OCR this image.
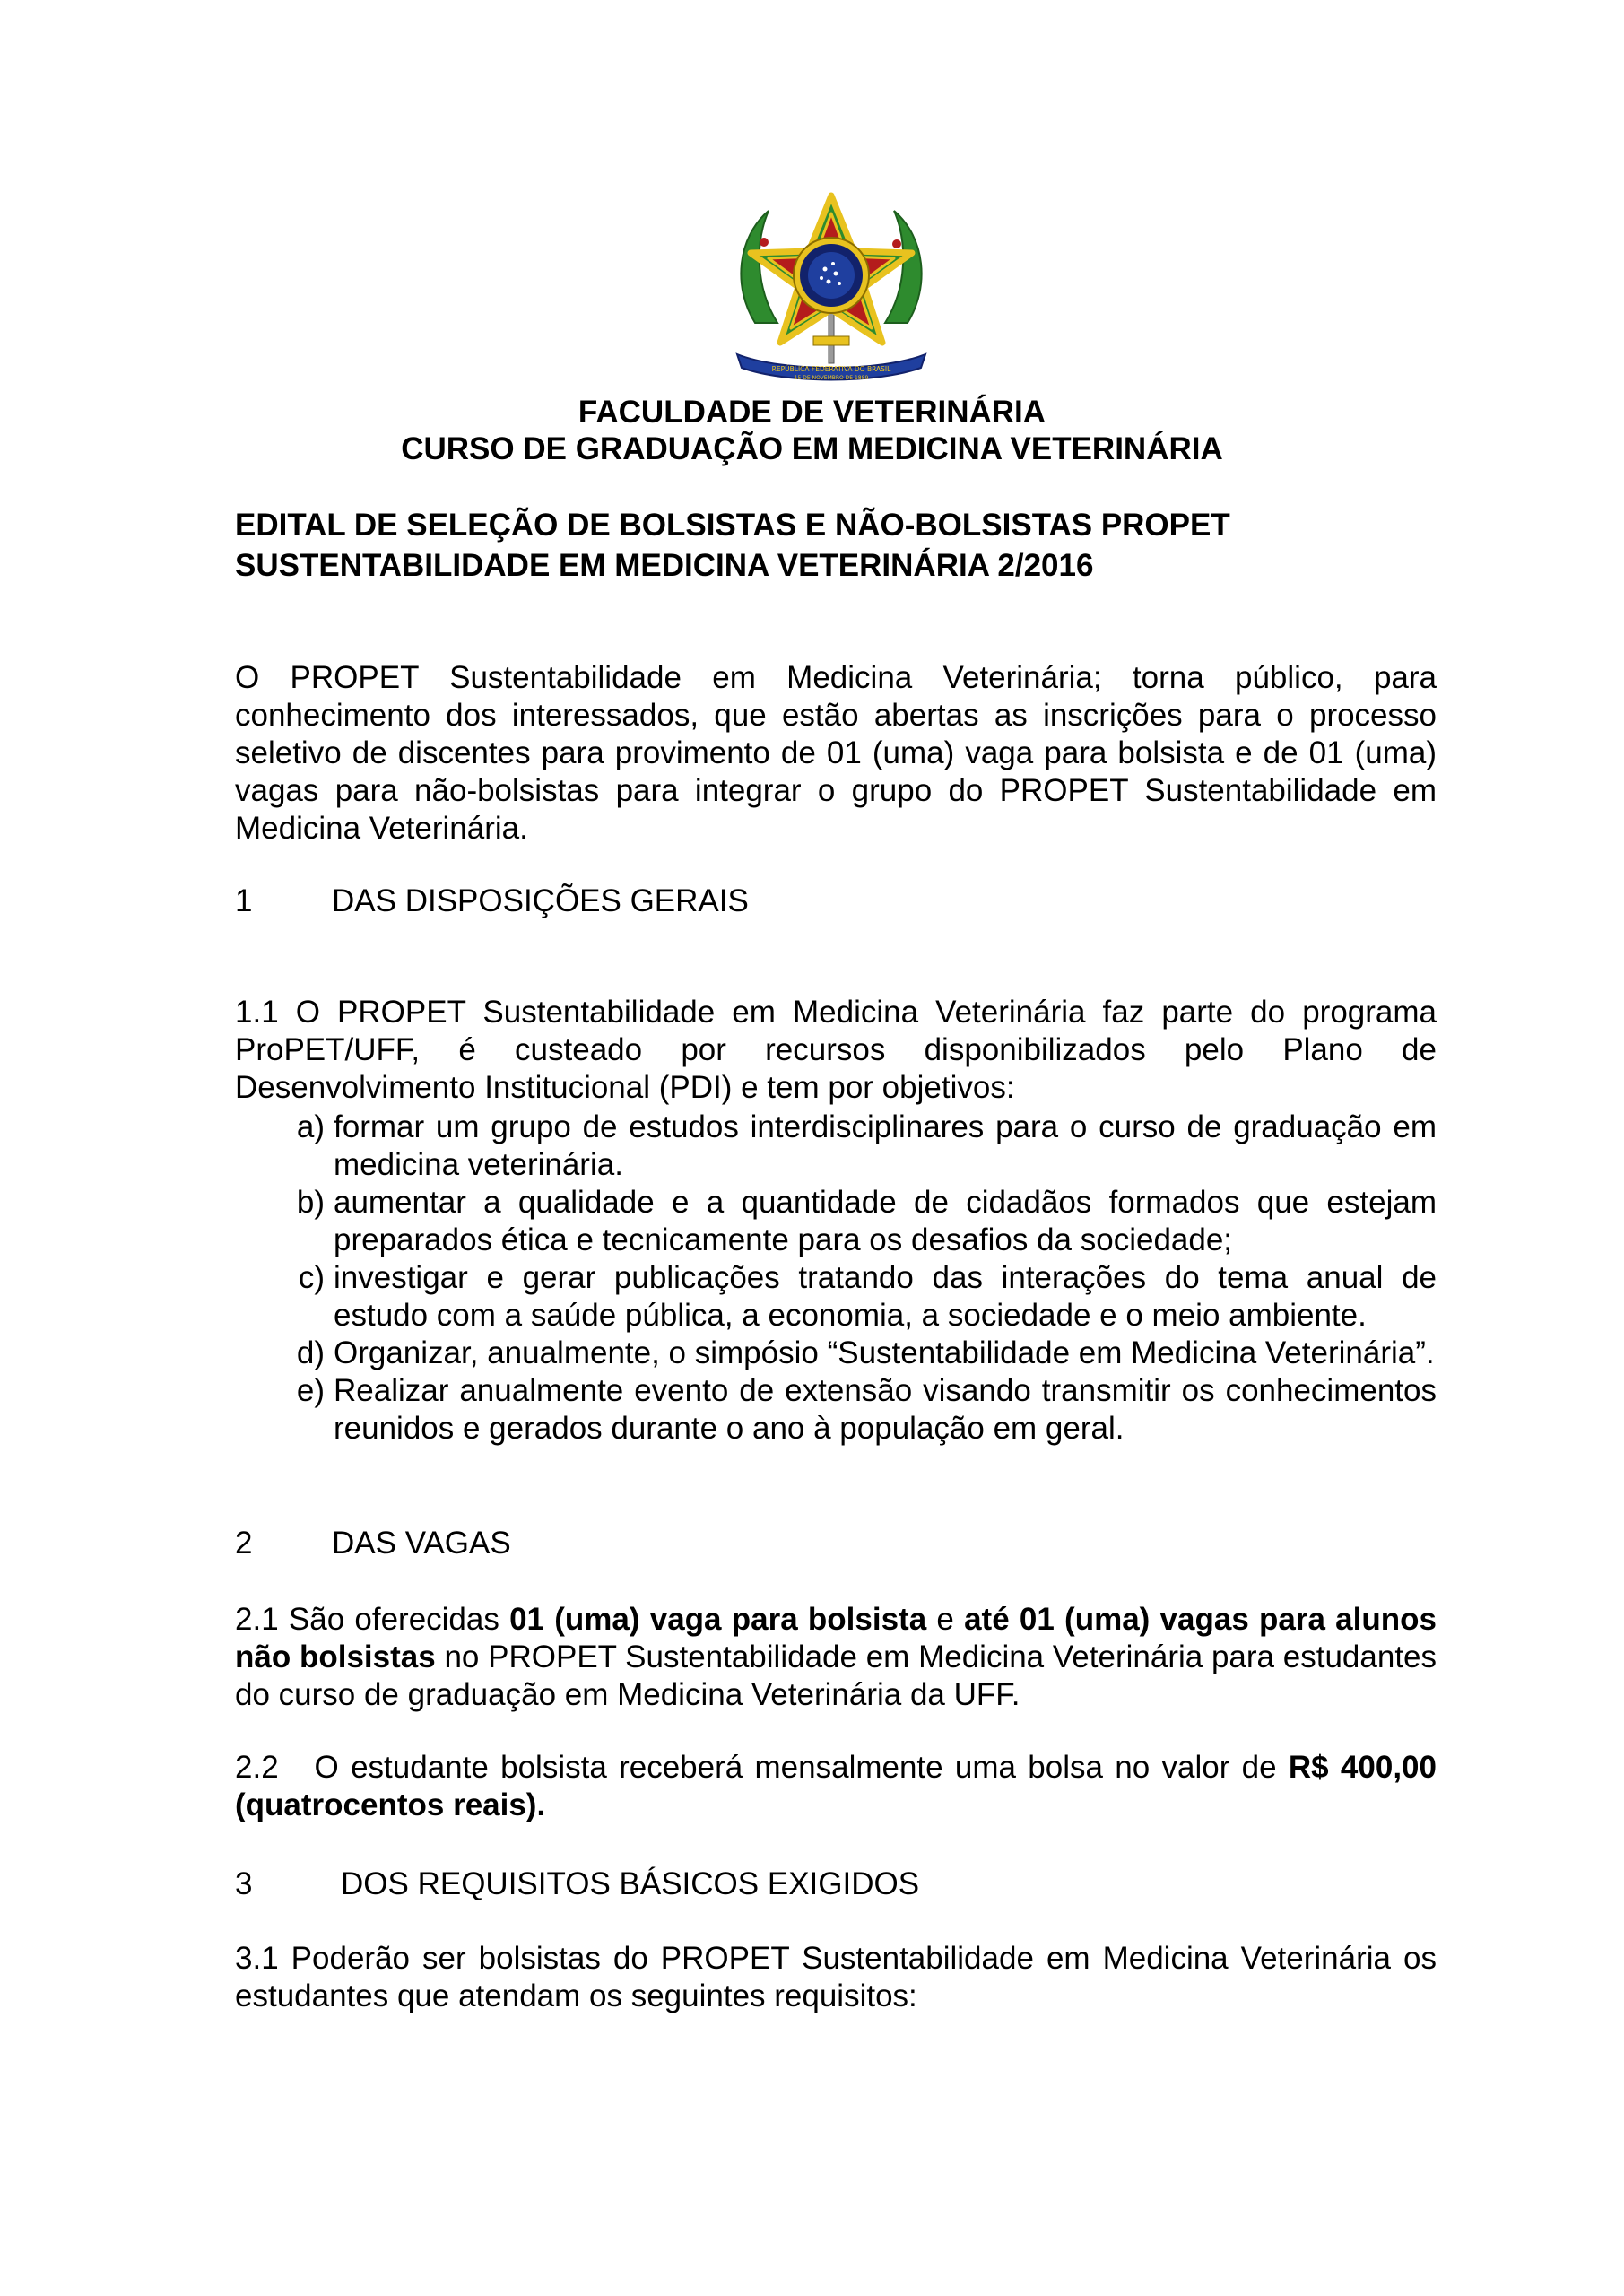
REPÚBLICA FEDERATIVA DO BRASIL
15 DE NOVEMBRO DE 1889
FACULDADE DE VETERINÁRIA
CURSO DE GRADUAÇÃO EM MEDICINA VETERINÁRIA
EDITAL DE SELEÇÃO DE BOLSISTAS E NÃO-BOLSISTAS PROPET
SUSTENTABILIDADE EM MEDICINA VETERINÁRIA 2/2016
O PROPET Sustentabilidade em Medicina Veterinária; torna público, para conhecimento dos interessados, que estão abertas as inscrições para o processo seletivo de discentes para provimento de 01 (uma) vaga para bolsista e de 01 (uma) vagas para não-bolsistas para integrar o grupo do PROPET Sustentabilidade em Medicina Veterinária.
1	DAS DISPOSIÇÕES GERAIS
1.1 O PROPET Sustentabilidade em Medicina Veterinária faz parte do programa ProPET/UFF, é custeado por recursos disponibilizados pelo Plano de Desenvolvimento Institucional (PDI) e tem por objetivos:
a) formar um grupo de estudos interdisciplinares para o curso de graduação em medicina veterinária.
b) aumentar a qualidade e a quantidade de cidadãos formados que estejam preparados ética e tecnicamente para os desafios da sociedade;
c) investigar e gerar publicações tratando das interações do tema anual de estudo com a saúde pública, a economia, a sociedade e o meio ambiente.
d) Organizar, anualmente, o simpósio “Sustentabilidade em Medicina Veterinária”.
e) Realizar anualmente evento de extensão visando transmitir os conhecimentos reunidos e gerados durante o ano à população em geral.
2	DAS VAGAS
2.1 São oferecidas 01 (uma) vaga para bolsista e até 01 (uma) vagas para alunos não bolsistas no PROPET Sustentabilidade em Medicina Veterinária para estudantes do curso de graduação em Medicina Veterinária da UFF.
2.2   O estudante bolsista receberá mensalmente uma bolsa no valor de R$ 400,00 (quatrocentos reais).
3	DOS REQUISITOS BÁSICOS EXIGIDOS
3.1 Poderão ser bolsistas do PROPET Sustentabilidade em Medicina Veterinária os estudantes que atendam os seguintes requisitos:
